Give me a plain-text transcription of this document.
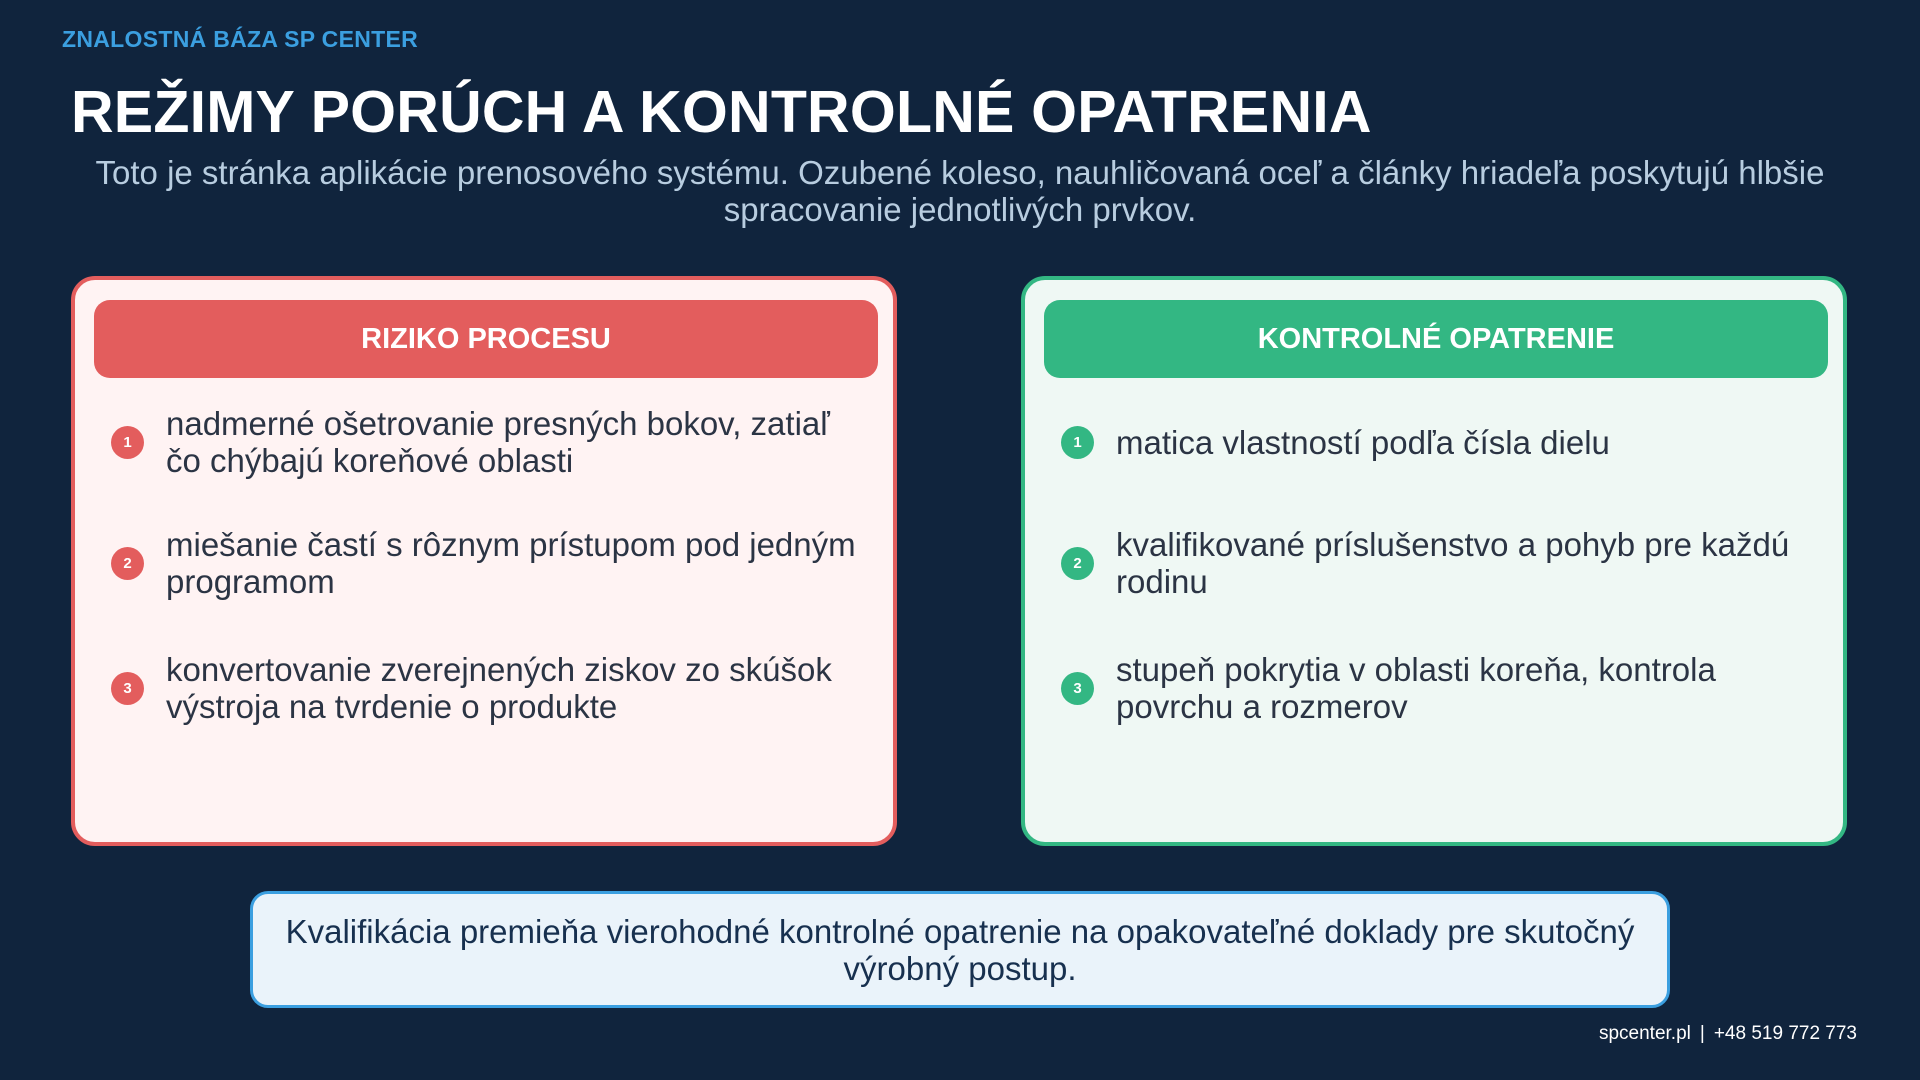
ZNALOSTNÁ BÁZA SP CENTER
REŽIMY PORÚCH A KONTROLNÉ OPATRENIA
Toto je stránka aplikácie prenosového systému. Ozubené koleso, nauhličovaná oceľ a články hriadeľa poskytujú hlbšie spracovanie jednotlivých prvkov.
RIZIKO PROCESU
1	nadmerné ošetrovanie presných bokov, zatiaľ čo chýbajú koreňové oblasti
2	miešanie častí s rôznym prístupom pod jedným programom
3	konvertovanie zverejnených ziskov zo skúšok výstroja na tvrdenie o produkte
KONTROLNÉ OPATRENIE
1	matica vlastností podľa čísla dielu
2	kvalifikované príslušenstvo a pohyb pre každú rodinu
3	stupeň pokrytia v oblasti koreňa, kontrola povrchu a rozmerov
Kvalifikácia premieňa vierohodné kontrolné opatrenie na opakovateľné doklady pre skutočný výrobný postup.
spcenter.pl | +48 519 772 773
